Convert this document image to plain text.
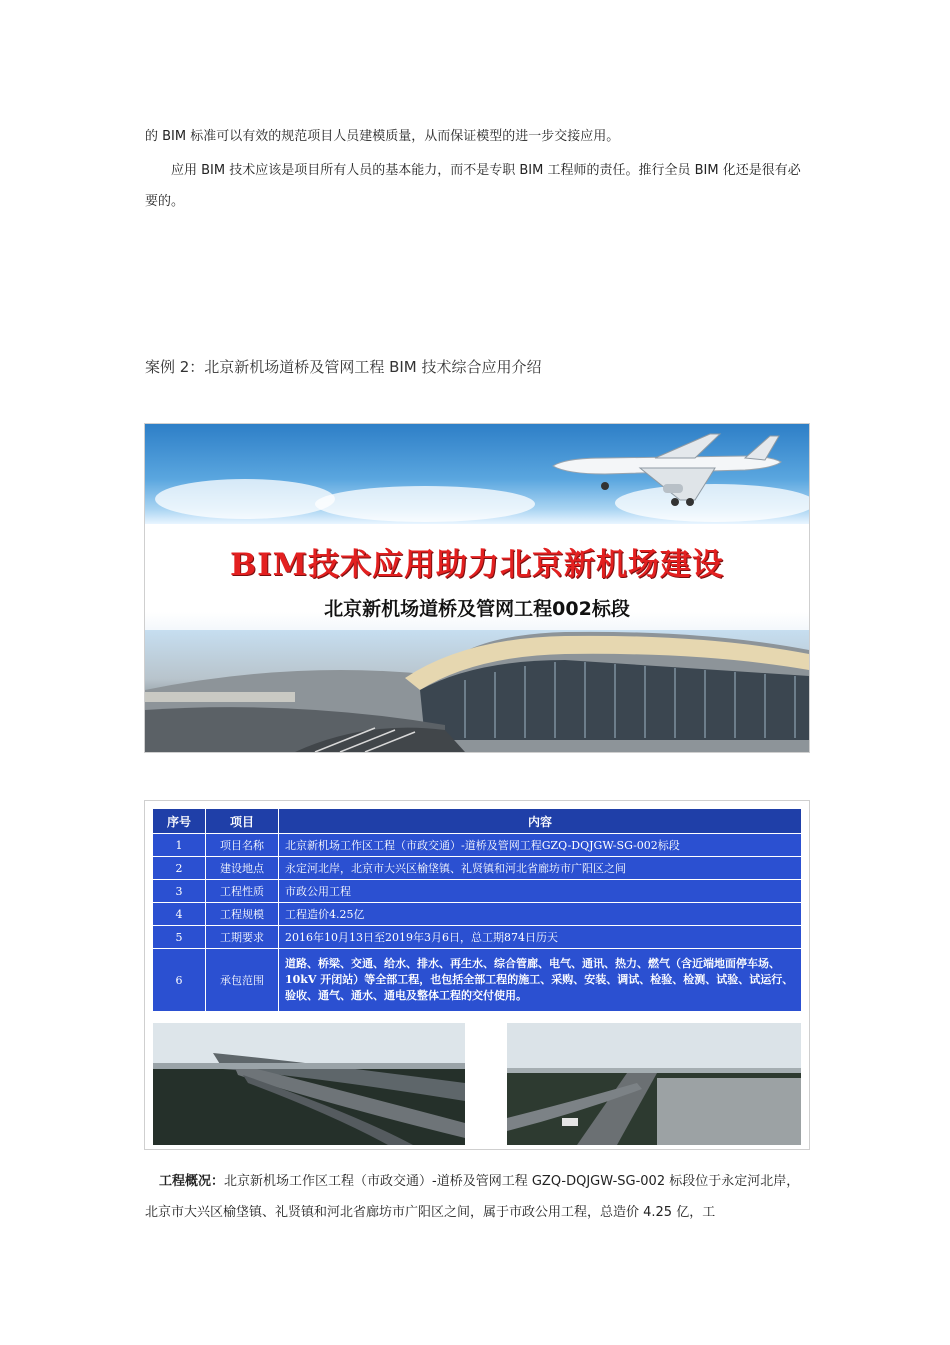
的 BIM 标准可以有效的规范项目人员建模质量，从而保证模型的进一步交接应用。

应用 BIM 技术应该是项目所有人员的基本能力，而不是专职 BIM 工程师的责任。推行全员 BIM 化还是很有必要的。

案例 2：北京新机场道桥及管网工程 BIM 技术综合应用介绍

BIM技术应用助力北京新机场建设

北京新机场道桥及管网工程002标段

序号	项目	内容
1	项目名称	北京新机场工作区工程（市政交通）-道桥及管网工程GZQ-DQJGW-SG-002标段
2	建设地点	永定河北岸，北京市大兴区榆垡镇、礼贤镇和河北省廊坊市广阳区之间
3	工程性质	市政公用工程
4	工程规模	工程造价4.25亿
5	工期要求	2016年10月13日至2019年3月6日，总工期874日历天
6	承包范围	道路、桥梁、交通、给水、排水、再生水、综合管廊、电气、通讯、热力、燃气（含近端地面停车场、10kV 开闭站）等全部工程，也包括全部工程的施工、采购、安装、调试、检验、检测、试验、试运行、验收、通气、通水、通电及整体工程的交付使用。

工程概况：北京新机场工作区工程（市政交通）-道桥及管网工程 GZQ-DQJGW-SG-002 标段位于永定河北岸，北京市大兴区榆垡镇、礼贤镇和河北省廊坊市广阳区之间，属于市政公用工程，总造价 4.25 亿，工
